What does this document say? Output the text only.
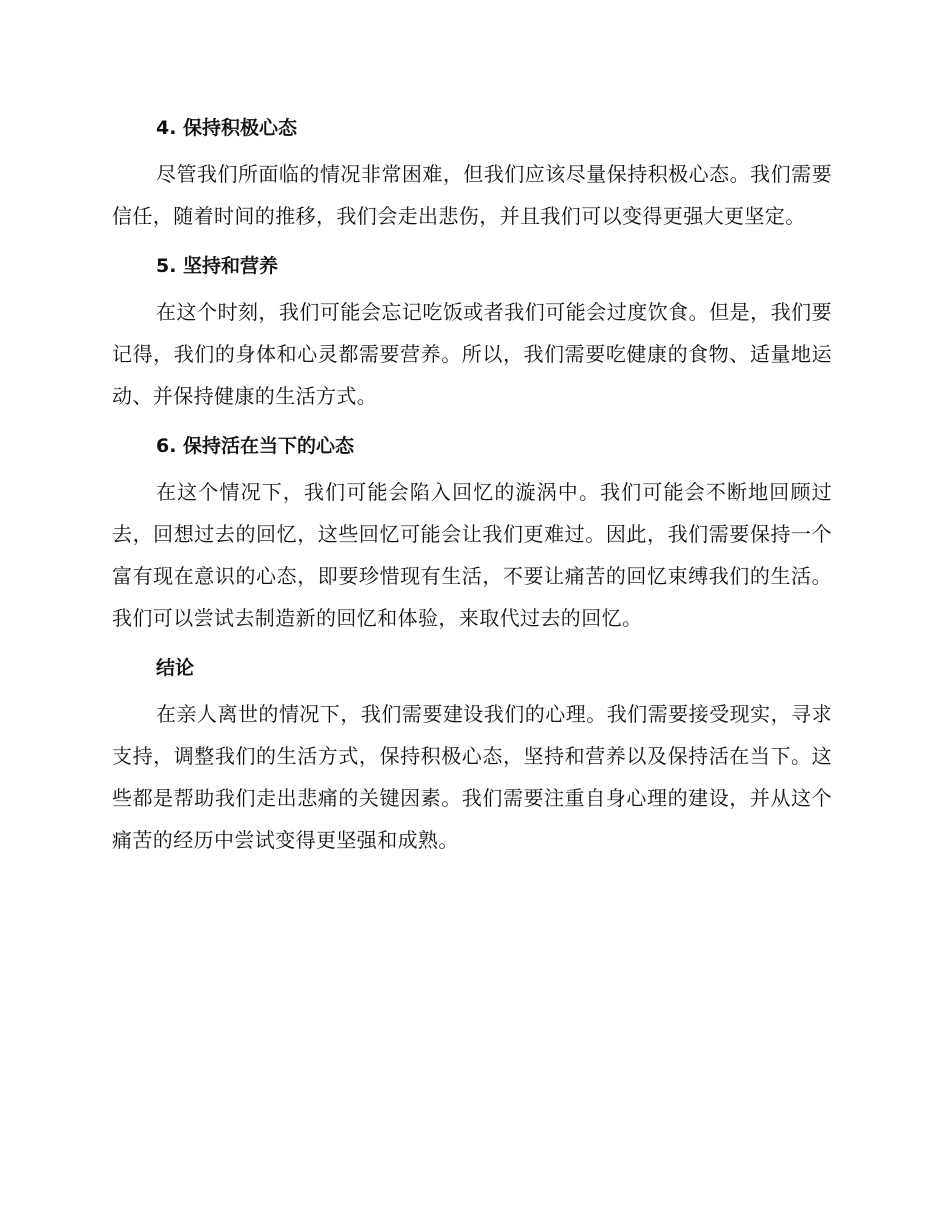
4. 保持积极心态

尽管我们所面临的情况非常困难，但我们应该尽量保持积极心态。我们需要信任，随着时间的推移，我们会走出悲伤，并且我们可以变得更强大更坚定。

5. 坚持和营养

在这个时刻，我们可能会忘记吃饭或者我们可能会过度饮食。但是，我们要记得，我们的身体和心灵都需要营养。所以，我们需要吃健康的食物、适量地运动、并保持健康的生活方式。

6. 保持活在当下的心态

在这个情况下，我们可能会陷入回忆的漩涡中。我们可能会不断地回顾过去，回想过去的回忆，这些回忆可能会让我们更难过。因此，我们需要保持一个富有现在意识的心态，即要珍惜现有生活，不要让痛苦的回忆束缚我们的生活。我们可以尝试去制造新的回忆和体验，来取代过去的回忆。

结论

在亲人离世的情况下，我们需要建设我们的心理。我们需要接受现实，寻求支持，调整我们的生活方式，保持积极心态，坚持和营养以及保持活在当下。这些都是帮助我们走出悲痛的关键因素。我们需要注重自身心理的建设，并从这个痛苦的经历中尝试变得更坚强和成熟。
